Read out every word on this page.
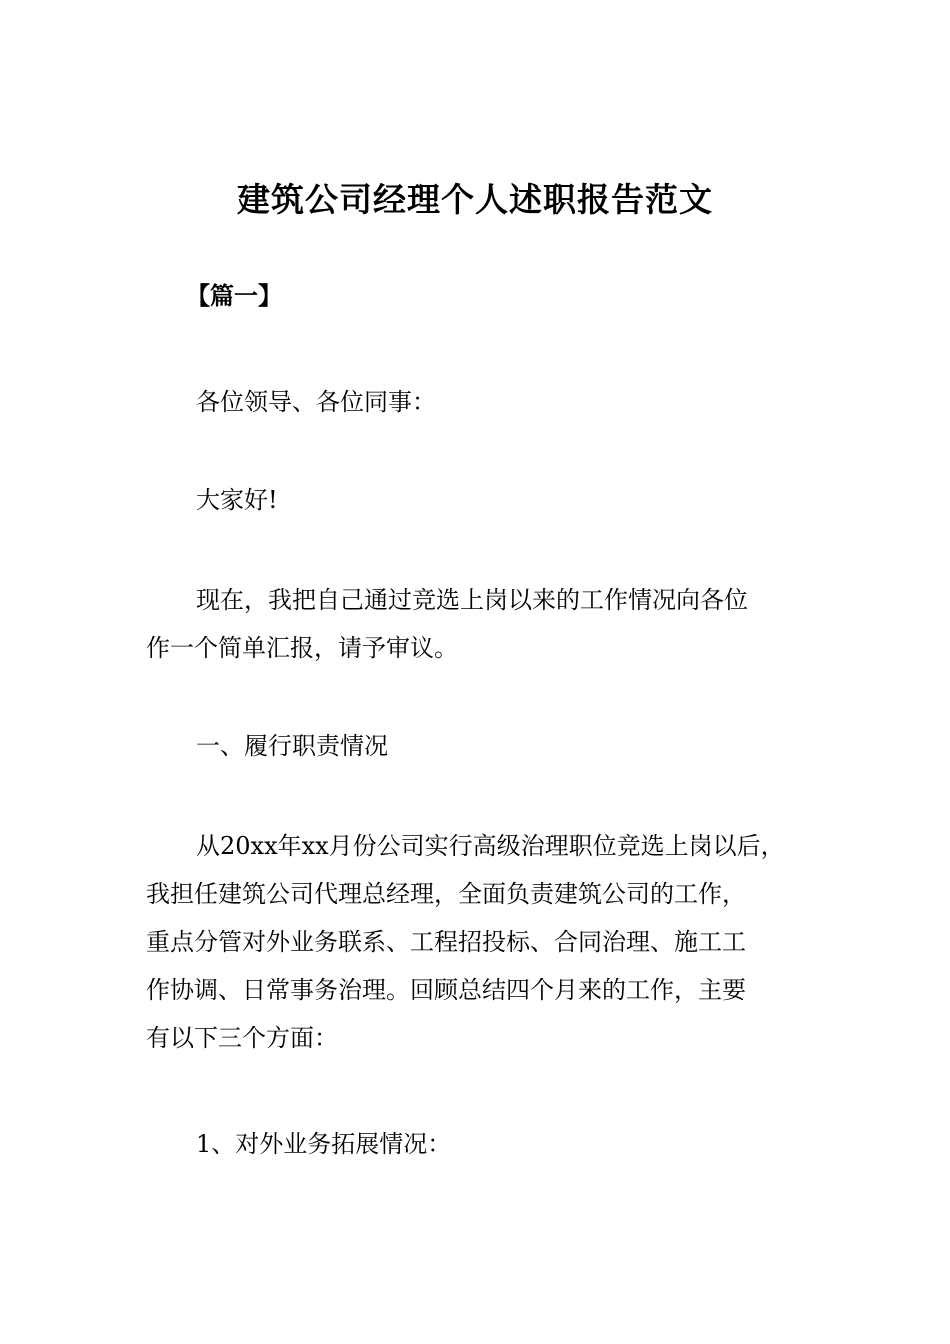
建筑公司经理个人述职报告范文

【篇一】

各位领导、各位同事：

大家好!

现在，我把自己通过竞选上岗以来的工作情况向各位
作一个简单汇报，请予审议。

一、履行职责情况

从20xx年xx月份公司实行高级治理职位竞选上岗以后，
我担任建筑公司代理总经理，全面负责建筑公司的工作，
重点分管对外业务联系、工程招投标、合同治理、施工工
作协调、日常事务治理。回顾总结四个月来的工作，主要
有以下三个方面：

1、对外业务拓展情况：
